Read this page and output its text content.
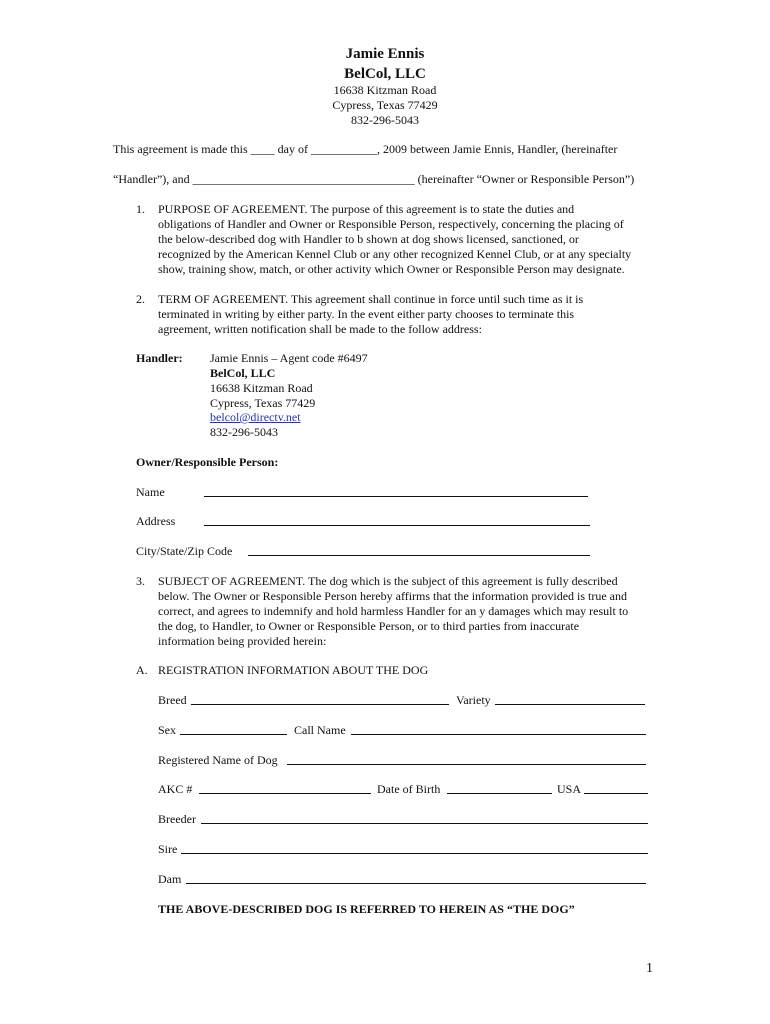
Jamie Ennis
BelCol, LLC
16638 Kitzman Road
Cypress, Texas 77429
832-296-5043
This agreement is made this ____ day of ___________, 2009 between Jamie Ennis, Handler, (hereinafter
“Handler”), and _____________________________________ (hereinafter “Owner or Responsible Person”)
1. PURPOSE OF AGREEMENT. The purpose of this agreement is to state the duties and
obligations of Handler and Owner or Responsible Person, respectively, concerning the placing of
the below-described dog with Handler to b shown at dog shows licensed, sanctioned, or
recognized by the American Kennel Club or any other recognized Kennel Club, or at any specialty
show, training show, match, or other activity which Owner or Responsible Person may designate.
2. TERM OF AGREEMENT. This agreement shall continue in force until such time as it is
terminated in writing by either party. In the event either party chooses to terminate this
agreement, written notification shall be made to the follow address:
Handler: Jamie Ennis – Agent code #6497
BelCol, LLC
16638 Kitzman Road
Cypress, Texas 77429
belcol@directv.net
832-296-5043
Owner/Responsible Person:
Name
Address
City/State/Zip Code
3. SUBJECT OF AGREEMENT. The dog which is the subject of this agreement is fully described
below. The Owner or Responsible Person hereby affirms that the information provided is true and
correct, and agrees to indemnify and hold harmless Handler for an y damages which may result to
the dog, to Handler, to Owner or Responsible Person, or to third parties from inaccurate
information being provided herein:
A. REGISTRATION INFORMATION ABOUT THE DOG
Breed	Variety
Sex	Call Name
Registered Name of Dog
AKC #	Date of Birth	USA
Breeder
Sire
Dam
THE ABOVE-DESCRIBED DOG IS REFERRED TO HEREIN AS “THE DOG”
1
